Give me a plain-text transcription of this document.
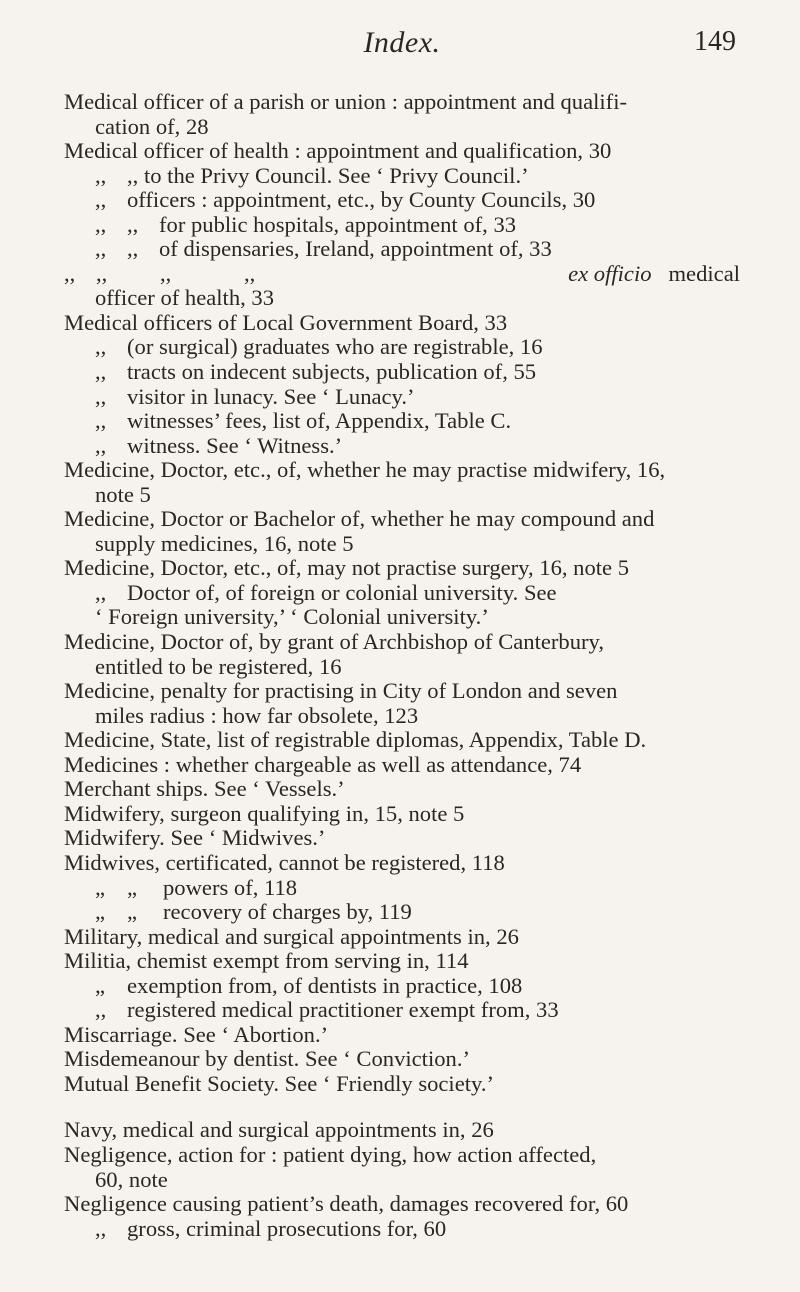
Index.	149
Medical officer of a parish or union : appointment and qualifi-
cation of, 28
Medical officer of health : appointment and qualification, 30
,, ,, to the Privy Council. See ‘ Privy Council.’
,, officers : appointment, etc., by County Councils, 30
,, ,, for public hospitals, appointment of, 33
,, ,, of dispensaries, Ireland, appointment of, 33
,, ,,	,,	,,	ex officio medical
officer of health, 33
Medical officers of Local Government Board, 33
,, (or surgical) graduates who are registrable, 16
,, tracts on indecent subjects, publication of, 55
,, visitor in lunacy. See ‘ Lunacy.’
,, witnesses’ fees, list of, Appendix, Table C.
,, witness. See ‘ Witness.’
Medicine, Doctor, etc., of, whether he may practise midwifery, 16,
note 5
Medicine, Doctor or Bachelor of, whether he may compound and
supply medicines, 16, note 5
Medicine, Doctor, etc., of, may not practise surgery, 16, note 5
,, Doctor of, of foreign or colonial university. See
‘ Foreign university,’ ‘ Colonial university.’
Medicine, Doctor of, by grant of Archbishop of Canterbury,
entitled to be registered, 16
Medicine, penalty for practising in City of London and seven
miles radius : how far obsolete, 123
Medicine, State, list of registrable diplomas, Appendix, Table D.
Medicines : whether chargeable as well as attendance, 74
Merchant ships. See ‘ Vessels.’
Midwifery, surgeon qualifying in, 15, note 5
Midwifery. See ‘ Midwives.’
Midwives, certificated, cannot be registered, 118
„ „ powers of, 118
„ „ recovery of charges by, 119
Military, medical and surgical appointments in, 26
Militia, chemist exempt from serving in, 114
„ exemption from, of dentists in practice, 108
,, registered medical practitioner exempt from, 33
Miscarriage. See ‘ Abortion.’
Misdemeanour by dentist. See ‘ Conviction.’
Mutual Benefit Society. See ‘ Friendly society.’
Navy, medical and surgical appointments in, 26
Negligence, action for : patient dying, how action affected,
60, note
Negligence causing patient’s death, damages recovered for, 60
,, gross, criminal prosecutions for, 60
